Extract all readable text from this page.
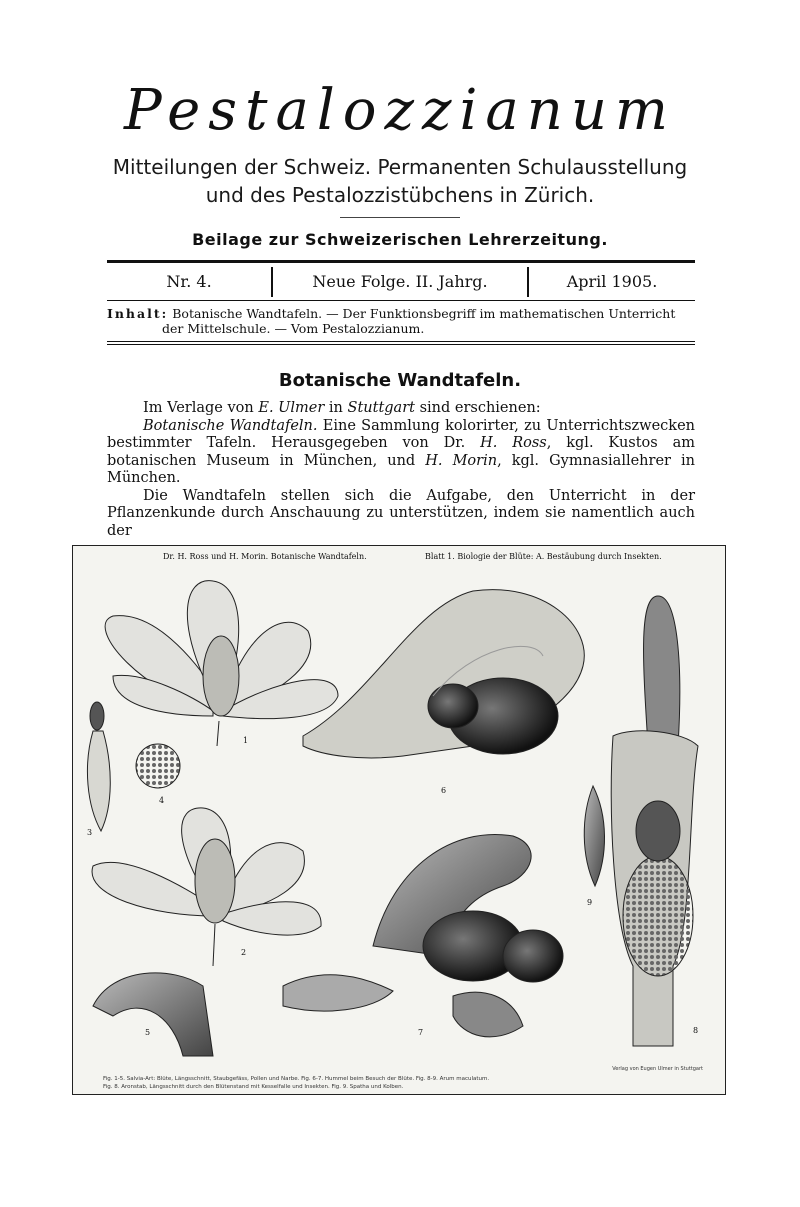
Pestalozzianum
Mitteilungen der Schweiz. Permanenten Schulausstellung
und des Pestalozzistübchens in Zürich.
Beilage zur Schweizerischen Lehrerzeitung.
Nr. 4.	Neue Folge. II. Jahrg.	April 1905.
Inhalt: Botanische Wandtafeln. — Der Funktionsbegriff im mathematischen Unterricht
der Mittelschule. — Vom Pestalozzianum.
Botanische Wandtafeln.

Im Verlage von E. Ulmer in Stuttgart sind erschienen:
Botanische Wandtafeln. Eine Sammlung kolorirter, zu Unterrichtszwecken bestimmter Tafeln. Herausgegeben von Dr. H. Ross, kgl. Kustos am botanischen Museum in München, und H. Morin, kgl. Gymnasiallehrer in München.

Die Wandtafeln stellen sich die Aufgabe, den Unterricht in der Pflanzenkunde durch Anschauung zu unterstützen, indem sie namentlich auch der

Dr. H. Ross und H. Morin. Botanische Wandtafeln.	Blatt 1. Biologie der Blüte: A. Bestäubung durch Insekten.
1
2
3
4
5
6
7	8
9
Verlag von Eugen Ulmer in Stuttgart
Fig. 1-5. Salvia-Art: Blüte, Längsschnitt, Staubgefäss, Pollen und Narbe. Fig. 6-7. Hummel beim Besuch der Blüte. Fig. 8-9. Arum maculatum.
Fig. 8. Aronstab, Längsschnitt durch den Blütenstand mit Kesselfalle und Insekten. Fig. 9. Spatha und Kolben.
